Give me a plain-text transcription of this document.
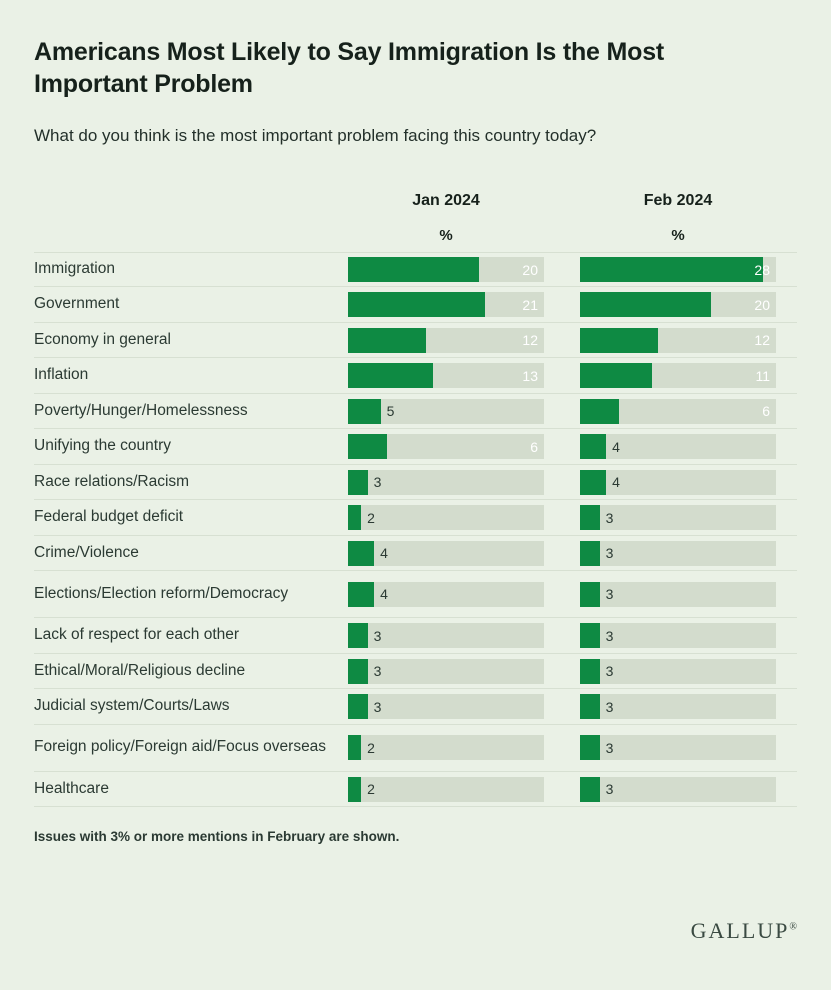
Americans Most Likely to Say Immigration Is the Most Important Problem
What do you think is the most important problem facing this country today?
Jan 2024	Feb 2024
%	%
Immigration	20	28
Government	21	20
Economy in general	12	12
Inflation	13	11
Poverty/Hunger/Homelessness	5	6
Unifying the country	6	4
Race relations/Racism	3	4
Federal budget deficit	2	3
Crime/Violence	4	3
Elections/Election reform/Democracy	4	3
Lack of respect for each other	3	3
Ethical/Moral/Religious decline	3	3
Judicial system/Courts/Laws	3	3
Foreign policy/Foreign aid/Focus overseas	2	3
Healthcare	2	3
Issues with 3% or more mentions in February are shown.
GALLUP®
